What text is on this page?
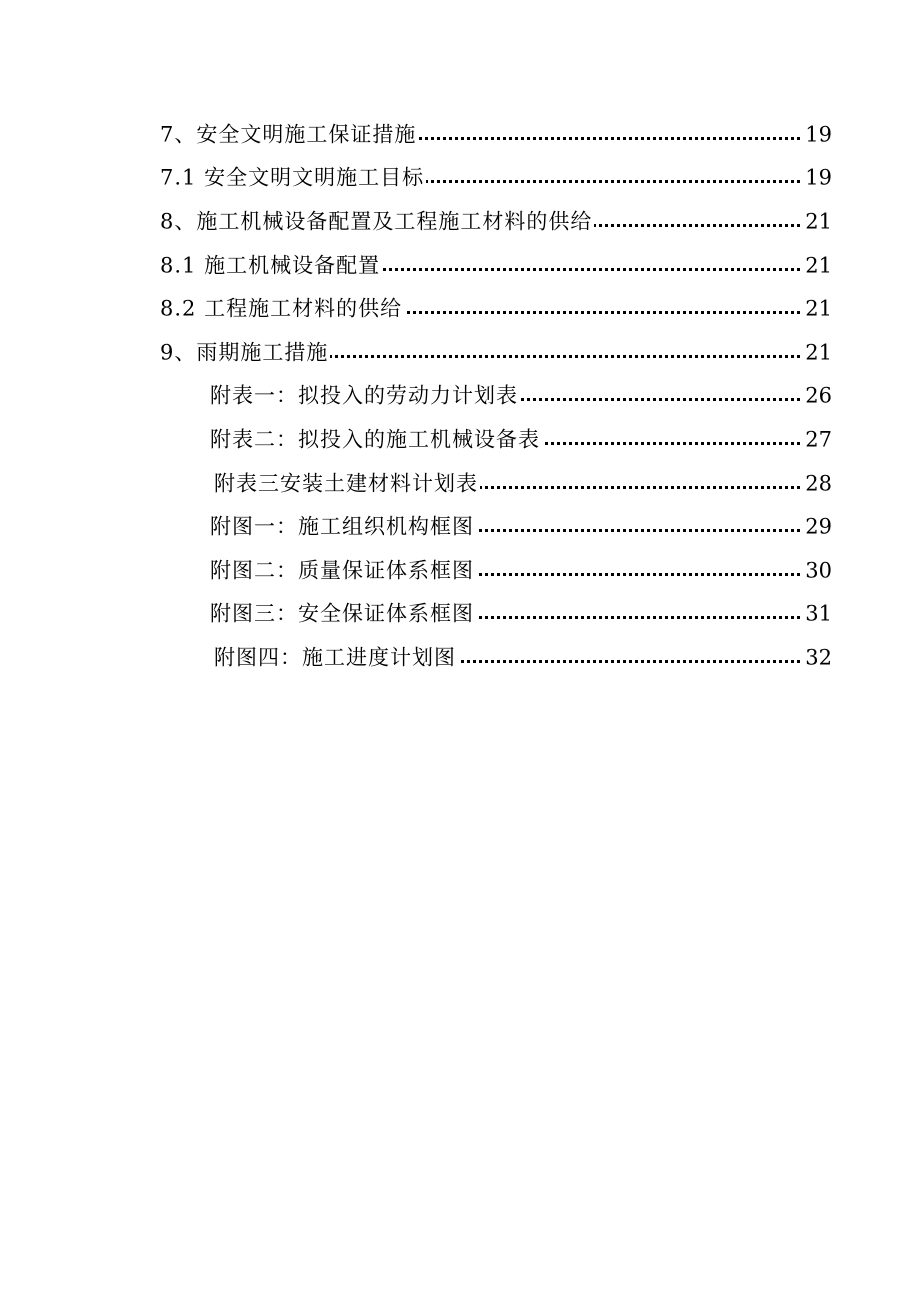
7、安全文明施工保证措施	19
7.1 安全文明文明施工目标	19
8、施工机械设备配置及工程施工材料的供给	21
8.1 施工机械设备配置	21
8.2 工程施工材料的供给	21
9、雨期施工措施	21
附表一：拟投入的劳动力计划表	26
附表二：拟投入的施工机械设备表	27
附表三安装土建材料计划表	28
附图一：施工组织机构框图	29
附图二：质量保证体系框图	30
附图三：安全保证体系框图	31
附图四：施工进度计划图	32
